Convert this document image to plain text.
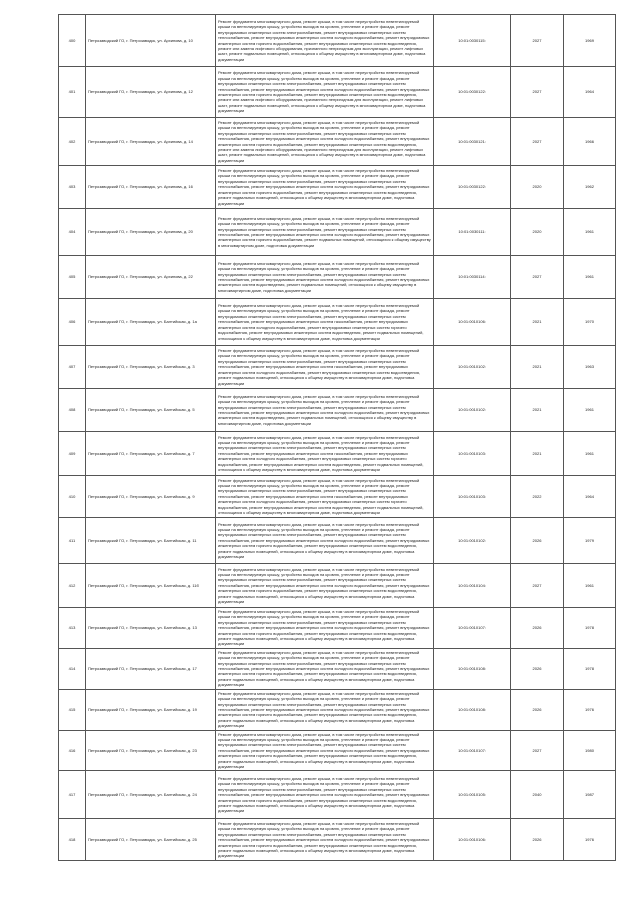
400	Петрозаводский ГО, г. Петрозаводск, ул. Архипова, д. 10	Ремонт фундамента многоквартирного дома, ремонт крыши, в том числе переустройство невентилируемой крыши на вентилируемую крышу, устройство выходов на кровлю, утепление и ремонт фасада, ремонт внутридомовых инженерных систем электроснабжения, ремонт внутридомовых инженерных систем теплоснабжения, ремонт внутридомовых инженерных систем холодного водоснабжения, ремонт внутридомовых инженерных систем горячего водоснабжения, ремонт внутридомовых инженерных систем водоотведения, ремонт или замена лифтового оборудования, признанного непригодным для эксплуатации, ремонт лифтовых шахт, ремонт подвальных помещений, относящихся к общему имуществу в многоквартирном доме, подготовка документации	10:01:0030115:	2027	1969
401	Петрозаводский ГО, г. Петрозаводск, ул. Архипова, д. 12	Ремонт фундамента многоквартирного дома, ремонт крыши, в том числе переустройство невентилируемой крыши на вентилируемую крышу, устройство выходов на кровлю, утепление и ремонт фасада, ремонт внутридомовых инженерных систем электроснабжения, ремонт внутридомовых инженерных систем теплоснабжения, ремонт внутридомовых инженерных систем холодного водоснабжения, ремонт внутридомовых инженерных систем горячего водоснабжения, ремонт внутридомовых инженерных систем водоотведения, ремонт или замена лифтового оборудования, признанного непригодным для эксплуатации, ремонт лифтовых шахт, ремонт подвальных помещений, относящихся к общему имуществу в многоквартирном доме, подготовка документации	10:01:0030122:	2027	1964
402	Петрозаводский ГО, г. Петрозаводск, ул. Архипова, д. 14	Ремонт фундамента многоквартирного дома, ремонт крыши, в том числе переустройство невентилируемой крыши на вентилируемую крышу, устройство выходов на кровлю, утепление и ремонт фасада, ремонт внутридомовых инженерных систем электроснабжения, ремонт внутридомовых инженерных систем теплоснабжения, ремонт внутридомовых инженерных систем холодного водоснабжения, ремонт внутридомовых инженерных систем горячего водоснабжения, ремонт внутридомовых инженерных систем водоотведения, ремонт или замена лифтового оборудования, признанного непригодным для эксплуатации, ремонт лифтовых шахт, ремонт подвальных помещений, относящихся к общему имуществу в многоквартирном доме, подготовка документации	10:01:0030121:	2027	1966
403	Петрозаводский ГО, г. Петрозаводск, ул. Архипова, д. 16	Ремонт фундамента многоквартирного дома, ремонт крыши, в том числе переустройство невентилируемой крыши на вентилируемую крышу, устройство выходов на кровлю, утепление и ремонт фасада, ремонт внутридомовых инженерных систем электроснабжения, ремонт внутридомовых инженерных систем теплоснабжения, ремонт внутридомовых инженерных систем холодного водоснабжения, ремонт внутридомовых инженерных систем горячего водоснабжения, ремонт внутридомовых инженерных систем водоотведения, ремонт подвальных помещений, относящихся к общему имуществу в многоквартирном доме, подготовка документации	10:01:0030122:	2020	1962
404	Петрозаводский ГО, г. Петрозаводск, ул. Архипова, д. 20	Ремонт фундамента многоквартирного дома, ремонт крыши, в том числе переустройство невентилируемой крыши на вентилируемую крышу, устройство выходов на кровлю, утепление и ремонт фасада, ремонт внутридомовых инженерных систем электроснабжения, ремонт внутридомовых инженерных систем теплоснабжения, ремонт внутридомовых инженерных систем холодного водоснабжения, ремонт внутридомовых инженерных систем горячего водоснабжения, ремонт подвальных помещений, относящихся к общему имуществу в многоквартирном доме, подготовка документации	10:01:0030111:	2020	1961
405	Петрозаводский ГО, г. Петрозаводск, ул. Архипова, д. 22	Ремонт фундамента многоквартирного дома, ремонт крыши, в том числе переустройство невентилируемой крыши на вентилируемую крышу, устройство выходов на кровлю, утепление и ремонт фасада, ремонт внутридомовых инженерных систем электроснабжения, ремонт внутридомовых инженерных систем теплоснабжения, ремонт внутридомовых инженерных систем холодного водоснабжения, ремонт внутридомовых инженерных систем водоотведения, ремонт подвальных помещений, относящихся к общему имуществу в многоквартирном доме, подготовка документации	10:01:0030114:	2027	1961
406	Петрозаводский ГО, г. Петрозаводск, ул. Балтийская, д. 1а	Ремонт фундамента многоквартирного дома, ремонт крыши, в том числе переустройство невентилируемой крыши на вентилируемую крышу, устройство выходов на кровлю, утепление и ремонт фасада, ремонт внутридомовых инженерных систем электроснабжения, ремонт внутридомовых инженерных систем теплоснабжения, ремонт внутридомовых инженерных систем газоснабжения, ремонт внутридомовых инженерных систем холодного водоснабжения, ремонт внутридомовых инженерных систем горячего водоснабжения, ремонт внутридомовых инженерных систем водоотведения, ремонт подвальных помещений, относящихся к общему имуществу в многоквартирном доме, подготовка документации	10:01:0010106:	2021	1970
407	Петрозаводский ГО, г. Петрозаводск, ул. Балтийская, д. 3	Ремонт фундамента многоквартирного дома, ремонт крыши, в том числе переустройство невентилируемой крыши на вентилируемую крышу, устройство выходов на кровлю, утепление и ремонт фасада, ремонт внутридомовых инженерных систем электроснабжения, ремонт внутридомовых инженерных систем теплоснабжения, ремонт внутридомовых инженерных систем газоснабжения, ремонт внутридомовых инженерных систем холодного водоснабжения, ремонт внутридомовых инженерных систем водоотведения, ремонт подвальных помещений, относящихся к общему имуществу в многоквартирном доме, подготовка документации	10:01:0010102:	2021	1963
408	Петрозаводский ГО, г. Петрозаводск, ул. Балтийская, д. 5	Ремонт фундамента многоквартирного дома, ремонт крыши, в том числе переустройство невентилируемой крыши на вентилируемую крышу, устройство выходов на кровлю, утепление и ремонт фасада, ремонт внутридомовых инженерных систем электроснабжения, ремонт внутридомовых инженерных систем теплоснабжения, ремонт внутридомовых инженерных систем холодного водоснабжения, ремонт внутридомовых инженерных систем водоотведения, ремонт подвальных помещений, относящихся к общему имуществу в многоквартирном доме, подготовка документации	10:01:0010102:	2021	1961
409	Петрозаводский ГО, г. Петрозаводск, ул. Балтийская, д. 7	Ремонт фундамента многоквартирного дома, ремонт крыши, в том числе переустройство невентилируемой крыши на вентилируемую крышу, устройство выходов на кровлю, утепление и ремонт фасада, ремонт внутридомовых инженерных систем электроснабжения, ремонт внутридомовых инженерных систем теплоснабжения, ремонт внутридомовых инженерных систем газоснабжения, ремонт внутридомовых инженерных систем холодного водоснабжения, ремонт внутридомовых инженерных систем горячего водоснабжения, ремонт внутридомовых инженерных систем водоотведения, ремонт подвальных помещений, относящихся к общему имуществу в многоквартирном доме, подготовка документации	10:01:0010103:	2021	1961
410	Петрозаводский ГО, г. Петрозаводск, ул. Балтийская, д. 9	Ремонт фундамента многоквартирного дома, ремонт крыши, в том числе переустройство невентилируемой крыши на вентилируемую крышу, устройство выходов на кровлю, утепление и ремонт фасада, ремонт внутридомовых инженерных систем электроснабжения, ремонт внутридомовых инженерных систем теплоснабжения, ремонт внутридомовых инженерных систем газоснабжения, ремонт внутридомовых инженерных систем холодного водоснабжения, ремонт внутридомовых инженерных систем горячего водоснабжения, ремонт внутридомовых инженерных систем водоотведения, ремонт подвальных помещений, относящихся к общему имуществу в многоквартирном доме, подготовка документации	10:01:0010103:	2022	1964
411	Петрозаводский ГО, г. Петрозаводск, ул. Балтийская, д. 11	Ремонт фундамента многоквартирного дома, ремонт крыши, в том числе переустройство невентилируемой крыши на вентилируемую крышу, устройство выходов на кровлю, утепление и ремонт фасада, ремонт внутридомовых инженерных систем электроснабжения, ремонт внутридомовых инженерных систем теплоснабжения, ремонт внутридомовых инженерных систем холодного водоснабжения, ремонт внутридомовых инженерных систем горячего водоснабжения, ремонт внутридомовых инженерных систем водоотведения, ремонт подвальных помещений, относящихся к общему имуществу в многоквартирном доме, подготовка документации	10:01:0010102:	2026	1979
412	Петрозаводский ГО, г. Петрозаводск, ул. Балтийская, д. 11б	Ремонт фундамента многоквартирного дома, ремонт крыши, в том числе переустройство невентилируемой крыши на вентилируемую крышу, устройство выходов на кровлю, утепление и ремонт фасада, ремонт внутридомовых инженерных систем электроснабжения, ремонт внутридомовых инженерных систем теплоснабжения, ремонт внутридомовых инженерных систем холодного водоснабжения, ремонт внутридомовых инженерных систем горячего водоснабжения, ремонт внутридомовых инженерных систем водоотведения, ремонт подвальных помещений, относящихся к общему имуществу в многоквартирном доме, подготовка документации	10:01:0010104:	2027	1961
413	Петрозаводский ГО, г. Петрозаводск, ул. Балтийская, д. 13	Ремонт фундамента многоквартирного дома, ремонт крыши, в том числе переустройство невентилируемой крыши на вентилируемую крышу, устройство выходов на кровлю, утепление и ремонт фасада, ремонт внутридомовых инженерных систем электроснабжения, ремонт внутридомовых инженерных систем теплоснабжения, ремонт внутридомовых инженерных систем холодного водоснабжения, ремонт внутридомовых инженерных систем горячего водоснабжения, ремонт внутридомовых инженерных систем водоотведения, ремонт подвальных помещений, относящихся к общему имуществу в многоквартирном доме, подготовка документации	10:01:0010107:	2026	1978
414	Петрозаводский ГО, г. Петрозаводск, ул. Балтийская, д. 17	Ремонт фундамента многоквартирного дома, ремонт крыши, в том числе переустройство невентилируемой крыши на вентилируемую крышу, устройство выходов на кровлю, утепление и ремонт фасада, ремонт внутридомовых инженерных систем электроснабжения, ремонт внутридомовых инженерных систем теплоснабжения, ремонт внутридомовых инженерных систем холодного водоснабжения, ремонт внутридомовых инженерных систем горячего водоснабжения, ремонт внутридомовых инженерных систем водоотведения, ремонт подвальных помещений, относящихся к общему имуществу в многоквартирном доме, подготовка документации	10:01:0010108:	2026	1978
415	Петрозаводский ГО, г. Петрозаводск, ул. Балтийская, д. 19	Ремонт фундамента многоквартирного дома, ремонт крыши, в том числе переустройство невентилируемой крыши на вентилируемую крышу, устройство выходов на кровлю, утепление и ремонт фасада, ремонт внутридомовых инженерных систем электроснабжения, ремонт внутридомовых инженерных систем теплоснабжения, ремонт внутридомовых инженерных систем холодного водоснабжения, ремонт внутридомовых инженерных систем горячего водоснабжения, ремонт внутридомовых инженерных систем водоотведения, ремонт подвальных помещений, относящихся к общему имуществу в многоквартирном доме, подготовка документации	10:01:0010108:	2026	1976
416	Петрозаводский ГО, г. Петрозаводск, ул. Балтийская, д. 23	Ремонт фундамента многоквартирного дома, ремонт крыши, в том числе переустройство невентилируемой крыши на вентилируемую крышу, устройство выходов на кровлю, утепление и ремонт фасада, ремонт внутридомовых инженерных систем электроснабжения, ремонт внутридомовых инженерных систем теплоснабжения, ремонт внутридомовых инженерных систем холодного водоснабжения, ремонт внутридомовых инженерных систем горячего водоснабжения, ремонт внутридомовых инженерных систем водоотведения, ремонт подвальных помещений, относящихся к общему имуществу в многоквартирном доме, подготовка документации	10:01:0010107:	2027	1980
417	Петрозаводский ГО, г. Петрозаводск, ул. Балтийская, д. 24	Ремонт фундамента многоквартирного дома, ремонт крыши, в том числе переустройство невентилируемой крыши на вентилируемую крышу, устройство выходов на кровлю, утепление и ремонт фасада, ремонт внутридомовых инженерных систем электроснабжения, ремонт внутридомовых инженерных систем теплоснабжения, ремонт внутридомовых инженерных систем холодного водоснабжения, ремонт внутридомовых инженерных систем горячего водоснабжения, ремонт внутридомовых инженерных систем водоотведения, ремонт подвальных помещений, относящихся к общему имуществу в многоквартирном доме, подготовка документации	10:01:0010105:	2040	1987
418	Петрозаводский ГО, г. Петрозаводск, ул. Балтийская, д. 25	Ремонт фундамента многоквартирного дома, ремонт крыши, в том числе переустройство невентилируемой крыши на вентилируемую крышу, устройство выходов на кровлю, утепление и ремонт фасада, ремонт внутридомовых инженерных систем электроснабжения, ремонт внутридомовых инженерных систем теплоснабжения, ремонт внутридомовых инженерных систем холодного водоснабжения, ремонт внутридомовых инженерных систем горячего водоснабжения, ремонт внутридомовых инженерных систем водоотведения, ремонт подвальных помещений, относящихся к общему имуществу в многоквартирном доме, подготовка документации	10:01:0010106:	2026	1976
